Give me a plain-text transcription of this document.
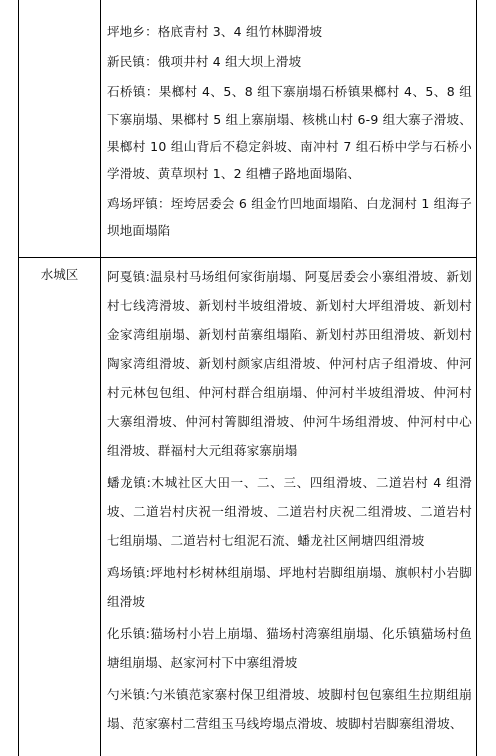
坪地乡：格底青村 3、4 组竹林脚滑坡

新民镇：俄项井村 4 组大坝上滑坡

石桥镇：果榔村 4、5、8 组下寨崩塌石桥镇果榔村 4、5、8 组下寨崩塌、果榔村 5 组上寨崩塌、核桃山村 6-9 组大寨子滑坡、果榔村 10 组山背后不稳定斜坡、南冲村 7 组石桥中学与石桥小学滑坡、黄草坝村 1、2 组槽子路地面塌陷、

鸡场坪镇：垤垮居委会 6 组金竹凹地面塌陷、白龙洞村 1 组海子坝地面塌陷

水城区	阿戛镇:温泉村马场组何家街崩塌、阿戛居委会小寨组滑坡、新划村七线湾滑坡、新划村半坡组滑坡、新划村大坪组滑坡、新划村金家湾组崩塌、新划村苗寨组塌陷、新划村苏田组滑坡、新划村陶家湾组滑坡、新划村颜家店组滑坡、仲河村店子组滑坡、仲河村元林包包组、仲河村群合组崩塌、仲河村半坡组滑坡、仲河村大寨组滑坡、仲河村箐脚组滑坡、仲河牛场组滑坡、仲河村中心组滑坡、群福村大元组蒋家寨崩塌

蟠龙镇:木城社区大田一、二、三、四组滑坡、二道岩村 4 组滑坡、二道岩村庆祝一组滑坡、二道岩村庆祝二组滑坡、二道岩村七组崩塌、二道岩村七组泥石流、蟠龙社区闸塘四组滑坡

鸡场镇:坪地村杉树林组崩塌、坪地村岩脚组崩塌、旗帜村小岩脚组滑坡

化乐镇:猫场村小岩上崩塌、猫场村湾寨组崩塌、化乐镇猫场村鱼塘组崩塌、赵家河村下中寨组滑坡

勺米镇:勺米镇范家寨村保卫组滑坡、坡脚村包包寨组生拉期组崩塌、范家寨村二营组玉马线垮塌点滑坡、坡脚村岩脚寨组滑坡、
